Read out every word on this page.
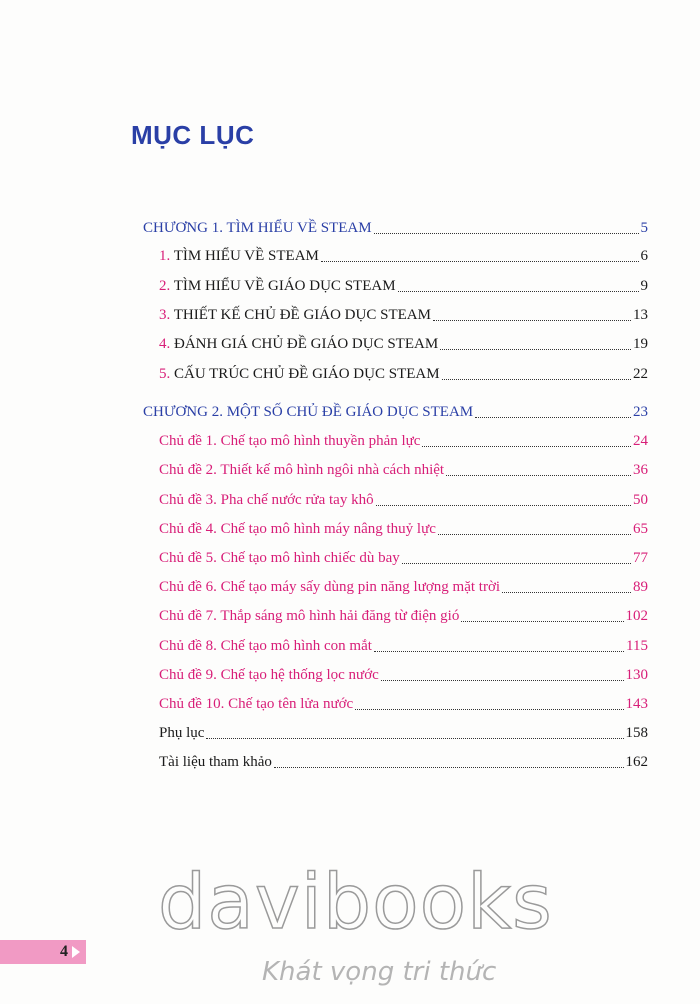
MỤC LỤC
CHƯƠNG 1. TÌM HIỂU VỀ STEAM	5
1. TÌM HIỂU VỀ STEAM	6
2. TÌM HIỂU VỀ GIÁO DỤC STEAM	9
3. THIẾT KẾ CHỦ ĐỀ GIÁO DỤC STEAM	13
4. ĐÁNH GIÁ CHỦ ĐỀ GIÁO DỤC STEAM	19
5. CẤU TRÚC CHỦ ĐỀ GIÁO DỤC STEAM	22
CHƯƠNG 2. MỘT SỐ CHỦ ĐỀ GIÁO DỤC STEAM	23
Chủ đề 1. Chế tạo mô hình thuyền phản lực	24
Chủ đề 2. Thiết kế mô hình ngôi nhà cách nhiệt	36
Chủ đề 3. Pha chế nước rửa tay khô	50
Chủ đề 4. Chế tạo mô hình máy nâng thuỷ lực	65
Chủ đề 5. Chế tạo mô hình chiếc dù bay	77
Chủ đề 6. Chế tạo máy sấy dùng pin năng lượng mặt trời	89
Chủ đề 7. Thắp sáng mô hình hải đăng từ điện gió	102
Chủ đề 8. Chế tạo mô hình con mắt	115
Chủ đề 9. Chế tạo hệ thống lọc nước	130
Chủ đề 10. Chế tạo tên lửa nước	143
Phụ lục	158
Tài liệu tham khảo	162
4
davibooks
Khát vọng tri thức
